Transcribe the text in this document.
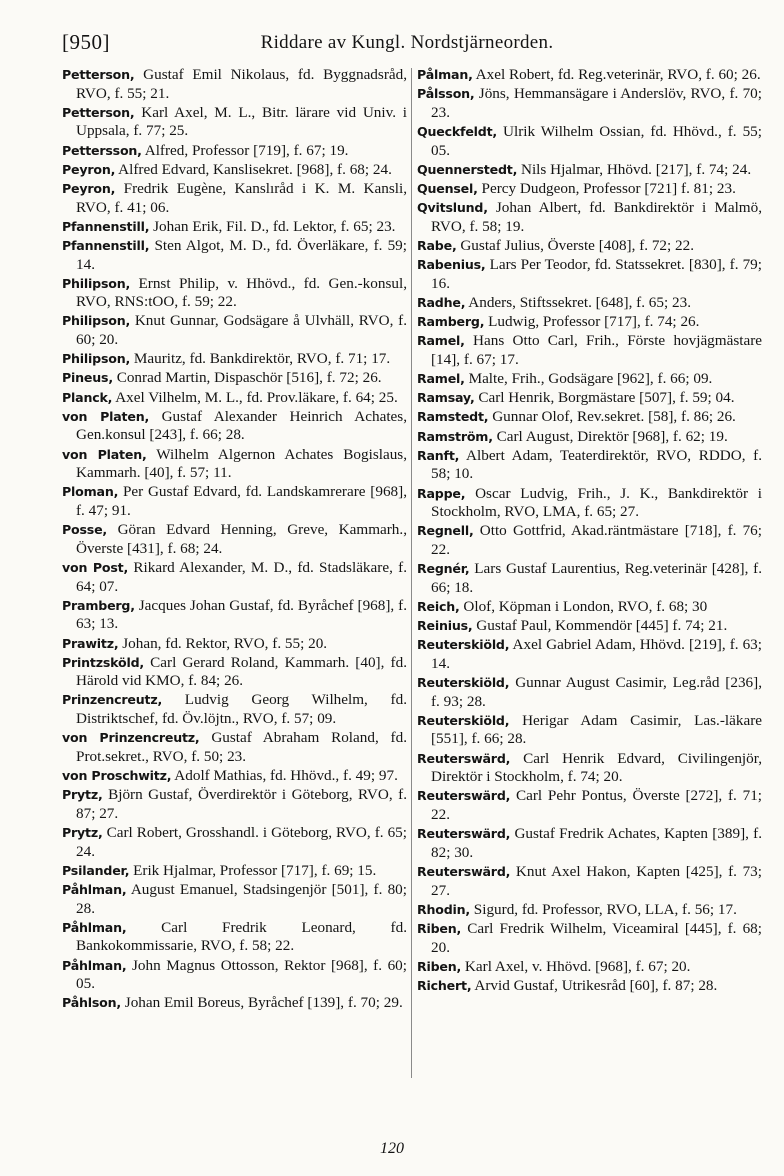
[950]	Riddare av Kungl. Nordstjärneorden.

Petterson, Gustaf Emil Nikolaus, fd. Byggnadsråd, RVO, f. 55; 21.

Petterson, Karl Axel, M. L., Bitr. lärare vid Univ. i Uppsala, f. 77; 25.

Pettersson, Alfred, Professor [719], f. 67; 19.

Peyron, Alfred Edvard, Kanslisekret. [968], f. 68; 24.

Peyron, Fredrik Eugène, Kanslıråd i K. M. Kansli, RVO, f. 41; 06.

Pfannenstill, Johan Erik, Fil. D., fd. Lektor, f. 65; 23.

Pfannenstill, Sten Algot, M. D., fd. Överläkare, f. 59; 14.

Philipson, Ernst Philip, v. Hhövd., fd. Gen.-konsul, RVO, RNS:tOO, f. 59; 22.

Philipson, Knut Gunnar, Godsägare å Ulvhäll, RVO, f. 60; 20.

Philipson, Mauritz, fd. Bankdirektör, RVO, f. 71; 17.

Pineus, Conrad Martin, Dispaschör [516], f. 72; 26.

Planck, Axel Vilhelm, M. L., fd. Prov.läkare, f. 64; 25.

von Platen, Gustaf Alexander Heinrich Achates, Gen.konsul [243], f. 66; 28.

von Platen, Wilhelm Algernon Achates Bogislaus, Kammarh. [40], f. 57; 11.

Ploman, Per Gustaf Edvard, fd. Landskamrerare [968], f. 47; 91.

Posse, Göran Edvard Henning, Greve, Kammarh., Överste [431], f. 68; 24.

von Post, Rikard Alexander, M. D., fd. Stadsläkare, f. 64; 07.

Pramberg, Jacques Johan Gustaf, fd. Byråchef [968], f. 63; 13.

Prawitz, Johan, fd. Rektor, RVO, f. 55; 20.

Printzsköld, Carl Gerard Roland, Kammarh. [40], fd. Härold vid KMO, f. 84; 26.

Prinzencreutz, Ludvig Georg Wilhelm, fd. Distriktschef, fd. Öv.löjtn., RVO, f. 57; 09.

von Prinzencreutz, Gustaf Abraham Roland, fd. Prot.sekret., RVO, f. 50; 23.

von Proschwitz, Adolf Mathias, fd. Hhövd., f. 49; 97.

Prytz, Björn Gustaf, Överdirektör i Göteborg, RVO, f. 87; 27.

Prytz, Carl Robert, Grosshandl. i Göteborg, RVO, f. 65; 24.

Psilander, Erik Hjalmar, Professor [717], f. 69; 15.

Påhlman, August Emanuel, Stadsingenjör [501], f. 80; 28.

Påhlman, Carl Fredrik Leonard, fd. Bankokommissarie, RVO, f. 58; 22.

Påhlman, John Magnus Ottosson, Rektor [968], f. 60; 05.

Påhlson, Johan Emil Boreus, Byråchef [139], f. 70; 29.

Pålman, Axel Robert, fd. Reg.veterinär, RVO, f. 60; 26.

Pålsson, Jöns, Hemmansägare i Anderslöv, RVO, f. 70; 23.

Queckfeldt, Ulrik Wilhelm Ossian, fd. Hhövd., f. 55; 05.

Quennerstedt, Nils Hjalmar, Hhövd. [217], f. 74; 24.

Quensel, Percy Dudgeon, Professor [721] f. 81; 23.

Qvitslund, Johan Albert, fd. Bankdirektör i Malmö, RVO, f. 58; 19.

Rabe, Gustaf Julius, Överste [408], f. 72; 22.

Rabenius, Lars Per Teodor, fd. Statssekret. [830], f. 79; 16.

Radhe, Anders, Stiftssekret. [648], f. 65; 23.

Ramberg, Ludwig, Professor [717], f. 74; 26.

Ramel, Hans Otto Carl, Frih., Förste hovjägmästare [14], f. 67; 17.

Ramel, Malte, Frih., Godsägare [962], f. 66; 09.

Ramsay, Carl Henrik, Borgmästare [507], f. 59; 04.

Ramstedt, Gunnar Olof, Rev.sekret. [58], f. 86; 26.

Ramström, Carl August, Direktör [968], f. 62; 19.

Ranft, Albert Adam, Teaterdirektör, RVO, RDDO, f. 58; 10.

Rappe, Oscar Ludvig, Frih., J. K., Bankdirektör i Stockholm, RVO, LMA, f. 65; 27.

Regnell, Otto Gottfrid, Akad.räntmästare [718], f. 76; 22.

Regnér, Lars Gustaf Laurentius, Reg.veterinär [428], f. 66; 18.

Reich, Olof, Köpman i London, RVO, f. 68; 30

Reinius, Gustaf Paul, Kommendör [445] f. 74; 21.

Reuterskiöld, Axel Gabriel Adam, Hhövd. [219], f. 63; 14.

Reuterskiöld, Gunnar August Casimir, Leg.råd [236], f. 93; 28.

Reuterskiöld, Herigar Adam Casimir, Las.-läkare [551], f. 66; 28.

Reuterswärd, Carl Henrik Edvard, Civilingenjör, Direktör i Stockholm, f. 74; 20.

Reuterswärd, Carl Pehr Pontus, Överste [272], f. 71; 22.

Reuterswärd, Gustaf Fredrik Achates, Kapten [389], f. 82; 30.

Reuterswärd, Knut Axel Hakon, Kapten [425], f. 73; 27.

Rhodin, Sigurd, fd. Professor, RVO, LLA, f. 56; 17.

Riben, Carl Fredrik Wilhelm, Viceamiral [445], f. 68; 20.

Riben, Karl Axel, v. Hhövd. [968], f. 67; 20.

Richert, Arvid Gustaf, Utrikesråd [60], f. 87; 28.

120
